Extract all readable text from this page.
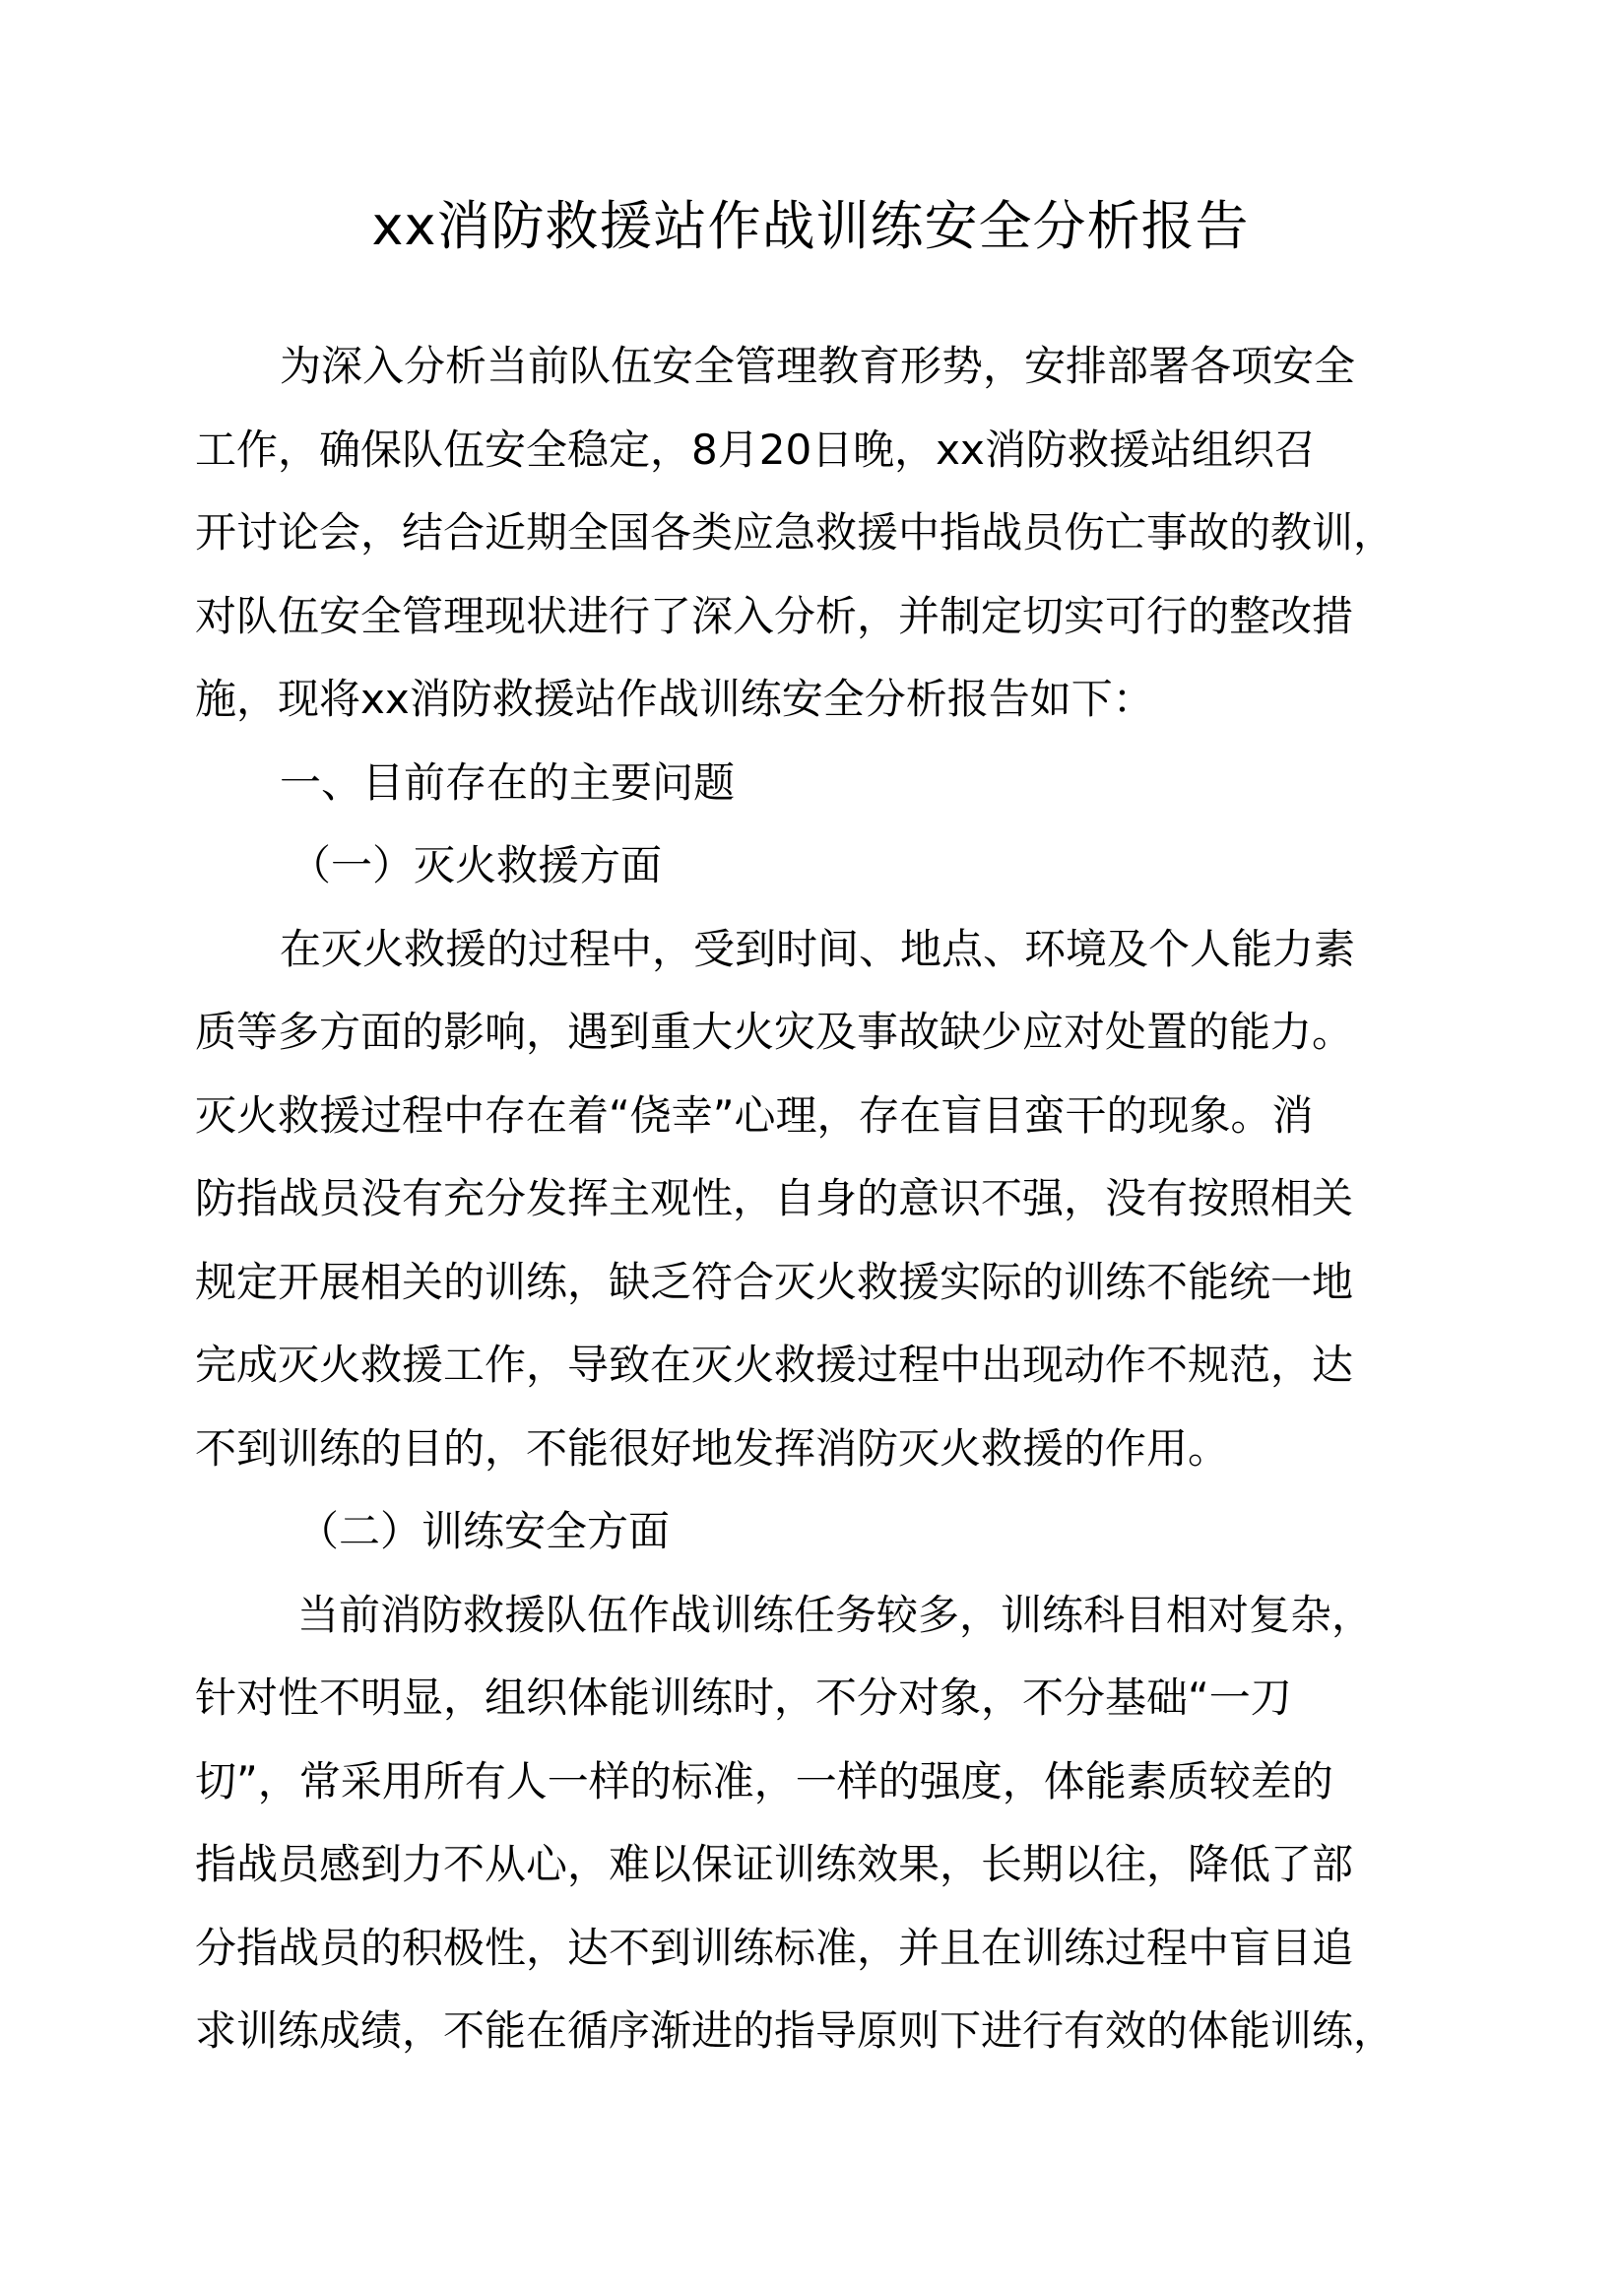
xx消防救援站作战训练安全分析报告
为深入分析当前队伍安全管理教育形势，安排部署各项安全
工作，确保队伍安全稳定，8月20日晚，xx消防救援站组织召
开讨论会，结合近期全国各类应急救援中指战员伤亡事故的教训，
对队伍安全管理现状进行了深入分析，并制定切实可行的整改措
施，现将xx消防救援站作战训练安全分析报告如下：
一、目前存在的主要问题
（一）灭火救援方面
在灭火救援的过程中，受到时间、地点、环境及个人能力素
质等多方面的影响，遇到重大火灾及事故缺少应对处置的能力。
灭火救援过程中存在着“侥幸”心理，存在盲目蛮干的现象。消
防指战员没有充分发挥主观性，自身的意识不强，没有按照相关
规定开展相关的训练，缺乏符合灭火救援实际的训练不能统一地
完成灭火救援工作，导致在灭火救援过程中出现动作不规范，达
不到训练的目的，不能很好地发挥消防灭火救援的作用。
（二）训练安全方面
当前消防救援队伍作战训练任务较多，训练科目相对复杂，
针对性不明显，组织体能训练时，不分对象，不分基础“一刀
切”，常采用所有人一样的标准，一样的强度，体能素质较差的
指战员感到力不从心，难以保证训练效果，长期以往，降低了部
分指战员的积极性，达不到训练标准，并且在训练过程中盲目追
求训练成绩，不能在循序渐进的指导原则下进行有效的体能训练，
